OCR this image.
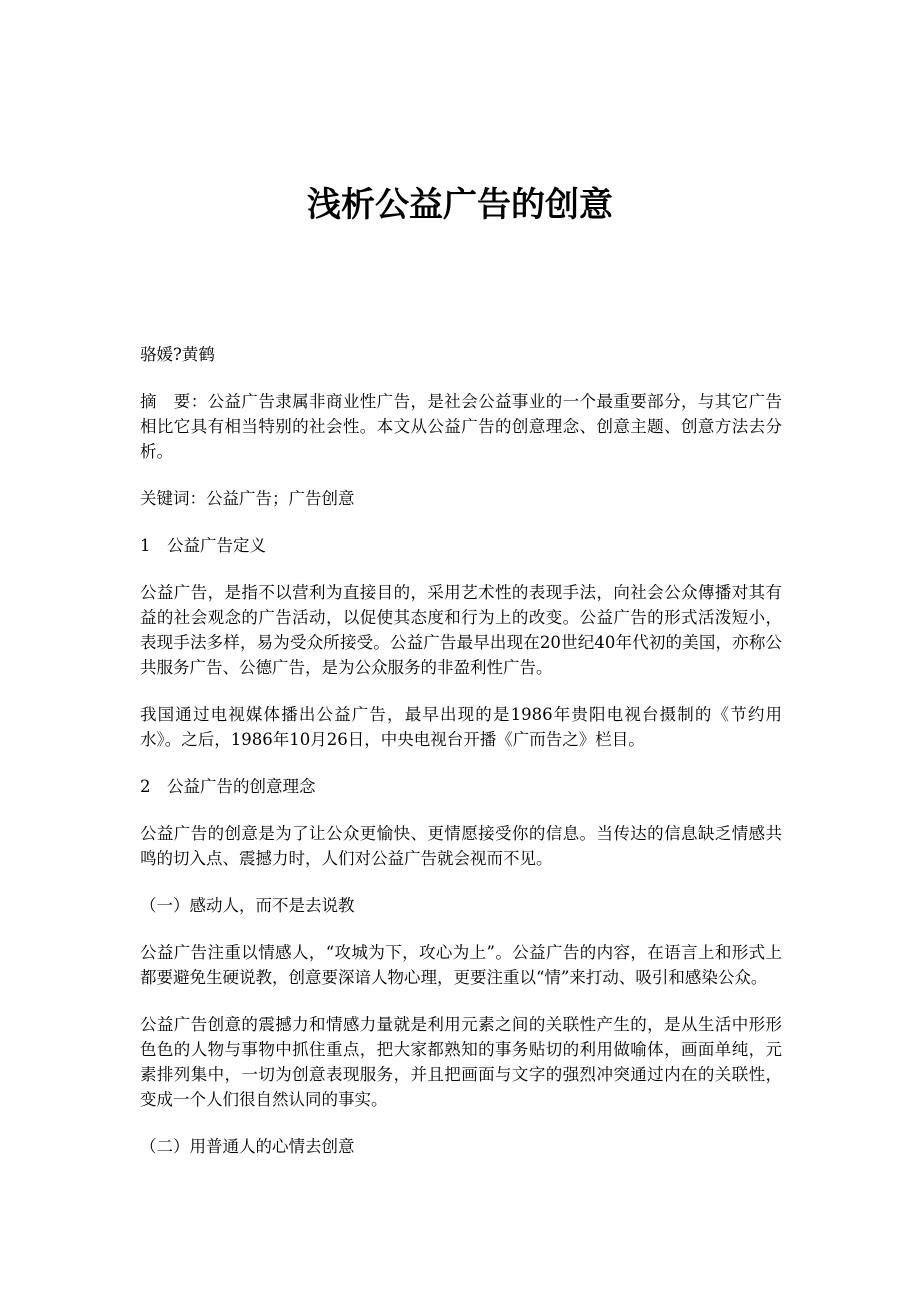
浅析公益广告的创意

骆媛?黄鹤

摘　要：公益广告隶属非商业性广告，是社会公益事业的一个最重要部分，与其它广告相比它具有相当特别的社会性。本文从公益广告的创意理念、创意主题、创意方法去分析。

关键词：公益广告；广告创意

1　公益广告定义

公益广告，是指不以营利为直接目的，采用艺术性的表现手法，向社会公众傳播对其有益的社会观念的广告活动，以促使其态度和行为上的改变。公益广告的形式活泼短小，表现手法多样，易为受众所接受。公益广告最早出现在20世纪40年代初的美国，亦称公共服务广告、公德广告，是为公众服务的非盈利性广告。

我国通过电视媒体播出公益广告，最早出现的是1986年贵阳电视台摄制的《节约用水》。之后，1986年10月26日，中央电视台开播《广而告之》栏目。

2　公益广告的创意理念

公益广告的创意是为了让公众更愉快、更情愿接受你的信息。当传达的信息缺乏情感共鸣的切入点、震撼力时，人们对公益广告就会视而不见。

（一）感动人，而不是去说教

公益广告注重以情感人，“攻城为下，攻心为上”。公益广告的内容，在语言上和形式上都要避免生硬说教，创意要深谙人物心理，更要注重以“情”来打动、吸引和感染公众。

公益广告创意的震撼力和情感力量就是利用元素之间的关联性产生的，是从生活中形形色色的人物与事物中抓住重点，把大家都熟知的事务贴切的利用做喻体，画面单纯，元素排列集中，一切为创意表现服务，并且把画面与文字的强烈冲突通过内在的关联性，变成一个人们很自然认同的事实。

（二）用普通人的心情去创意
